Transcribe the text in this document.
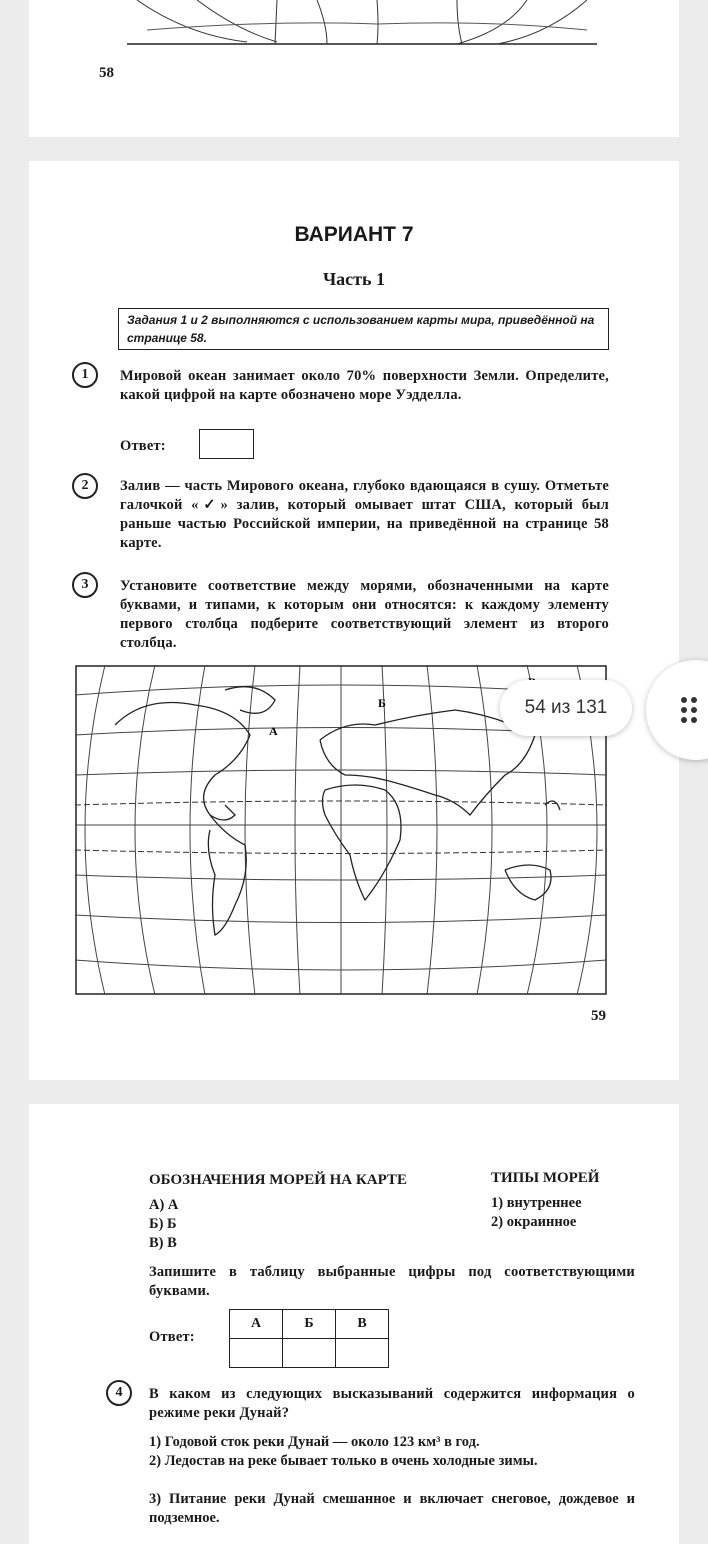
58
ВАРИАНТ 7
Часть 1
Задания 1 и 2 выполняются с использованием карты мира, приведённой на странице 58.
1	Мировой океан занимает около 70% поверхности Земли. Определите, какой цифрой на карте обозначено море Уэдделла.
Ответ:
2	Залив — часть Мирового океана, глубоко вдающаяся в сушу. Отметьте галочкой «✓» залив, который омывает штат США, который был раньше частью Российской империи, на приведённой на странице 58 карте.
3	Установите соответствие между морями, обозначенными на карте буквами, и типами, к которым они относятся: к каждому элементу первого столбца подберите соответствующий элемент из второго столбца.
А
Б
59
ОБОЗНАЧЕНИЯ МОРЕЙ НА КАРТЕ	ТИПЫ МОРЕЙ
А) А
Б) Б
В) В
1) внутреннее
2) окраинное
Запишите в таблицу выбранные цифры под соответствующими буквами.
Ответ:
А	Б	В

4	В каком из следующих высказываний содержится информация о режиме реки Дунай?
1) Годовой сток реки Дунай — около 123 км³ в год.
2) Ледостав на реке бывает только в очень холодные зимы.
3) Питание реки Дунай смешанное и включает снеговое, дождевое и подземное.
54 из 131
